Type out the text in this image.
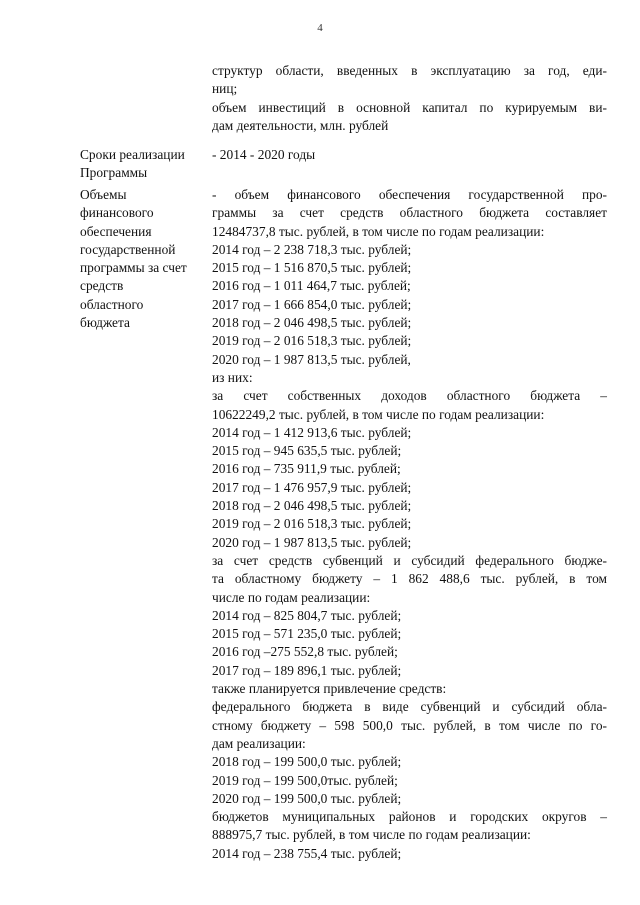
4
структур области, введенных в эксплуатацию за год, еди-
ниц;
объем инвестиций в основной капитал по курируемым ви-
дам деятельности, млн. рублей
Сроки реализации
Программы
- 2014 - 2020 годы
Объемы
финансового
обеспечения
государственной
программы за счет
средств
областного
бюджета
- объем финансового обеспечения государственной про-
граммы за счет средств областного бюджета составляет
12484737,8 тыс. рублей, в том числе по годам реализации:
2014 год – 2 238 718,3 тыс. рублей;
2015 год – 1 516 870,5 тыс. рублей;
2016 год – 1 011 464,7 тыс. рублей;
2017 год – 1 666 854,0 тыс. рублей;
2018 год – 2 046 498,5 тыс. рублей;
2019 год – 2 016 518,3 тыс. рублей;
2020 год – 1 987 813,5 тыс. рублей,
из них:
за счет собственных доходов областного бюджета –
10622249,2 тыс. рублей, в том числе по годам реализации:
2014 год – 1 412 913,6 тыс. рублей;
2015 год – 945 635,5 тыс. рублей;
2016 год – 735 911,9 тыс. рублей;
2017 год – 1 476 957,9 тыс. рублей;
2018 год – 2 046 498,5 тыс. рублей;
2019 год – 2 016 518,3 тыс. рублей;
2020 год – 1 987 813,5 тыс. рублей;
за счет средств субвенций и субсидий федерального бюдже-
та областному бюджету – 1 862 488,6 тыс. рублей, в том
числе по годам реализации:
2014 год – 825 804,7 тыс. рублей;
2015 год – 571 235,0 тыс. рублей;
2016 год –275 552,8 тыс. рублей;
2017 год – 189 896,1 тыс. рублей;
также планируется привлечение средств:
федерального бюджета в виде субвенций и субсидий обла-
стному бюджету – 598 500,0 тыс. рублей, в том числе по го-
дам реализации:
2018 год – 199 500,0 тыс. рублей;
2019 год – 199 500,0тыс. рублей;
2020 год – 199 500,0 тыс. рублей;
бюджетов муниципальных районов и городских округов –
888975,7 тыс. рублей, в том числе по годам реализации:
2014 год – 238 755,4 тыс. рублей;
